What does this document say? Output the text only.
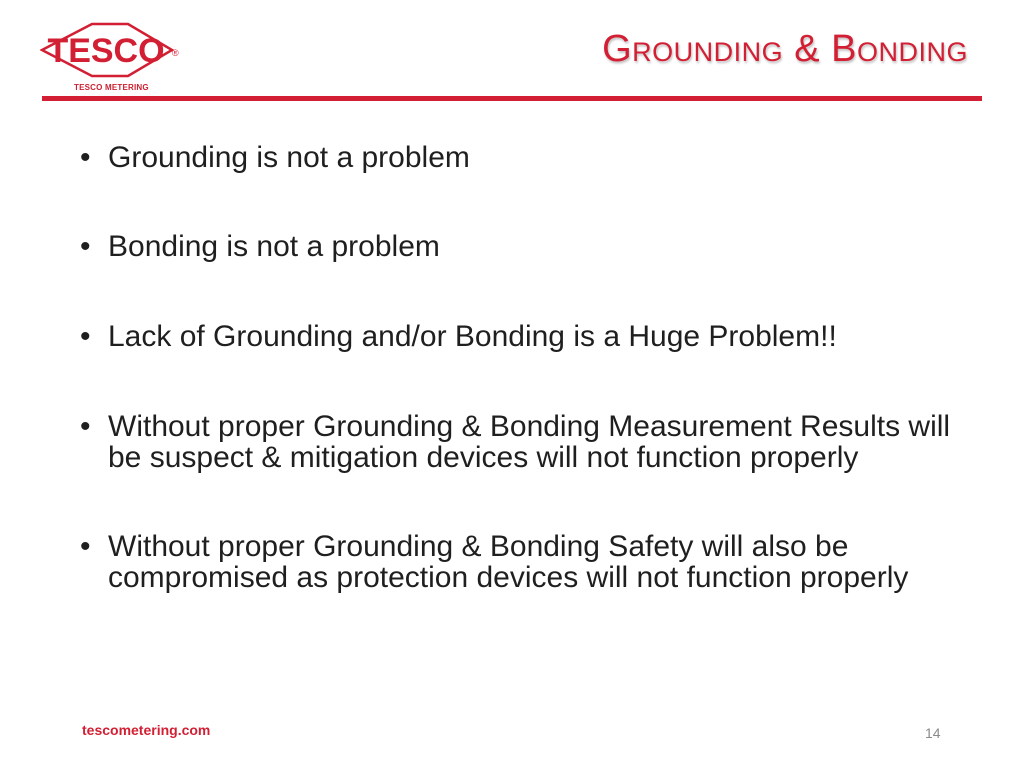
TESCO ®
TESCO METERING
Grounding & Bonding
• Grounding is not a problem
• Bonding is not a problem
• Lack of Grounding and/or Bonding is a Huge Problem!!
• Without proper Grounding & Bonding Measurement Results will be suspect & mitigation devices will not function properly
• Without proper Grounding & Bonding Safety will also be compromised as protection devices will not function properly
tescometering.com	14
